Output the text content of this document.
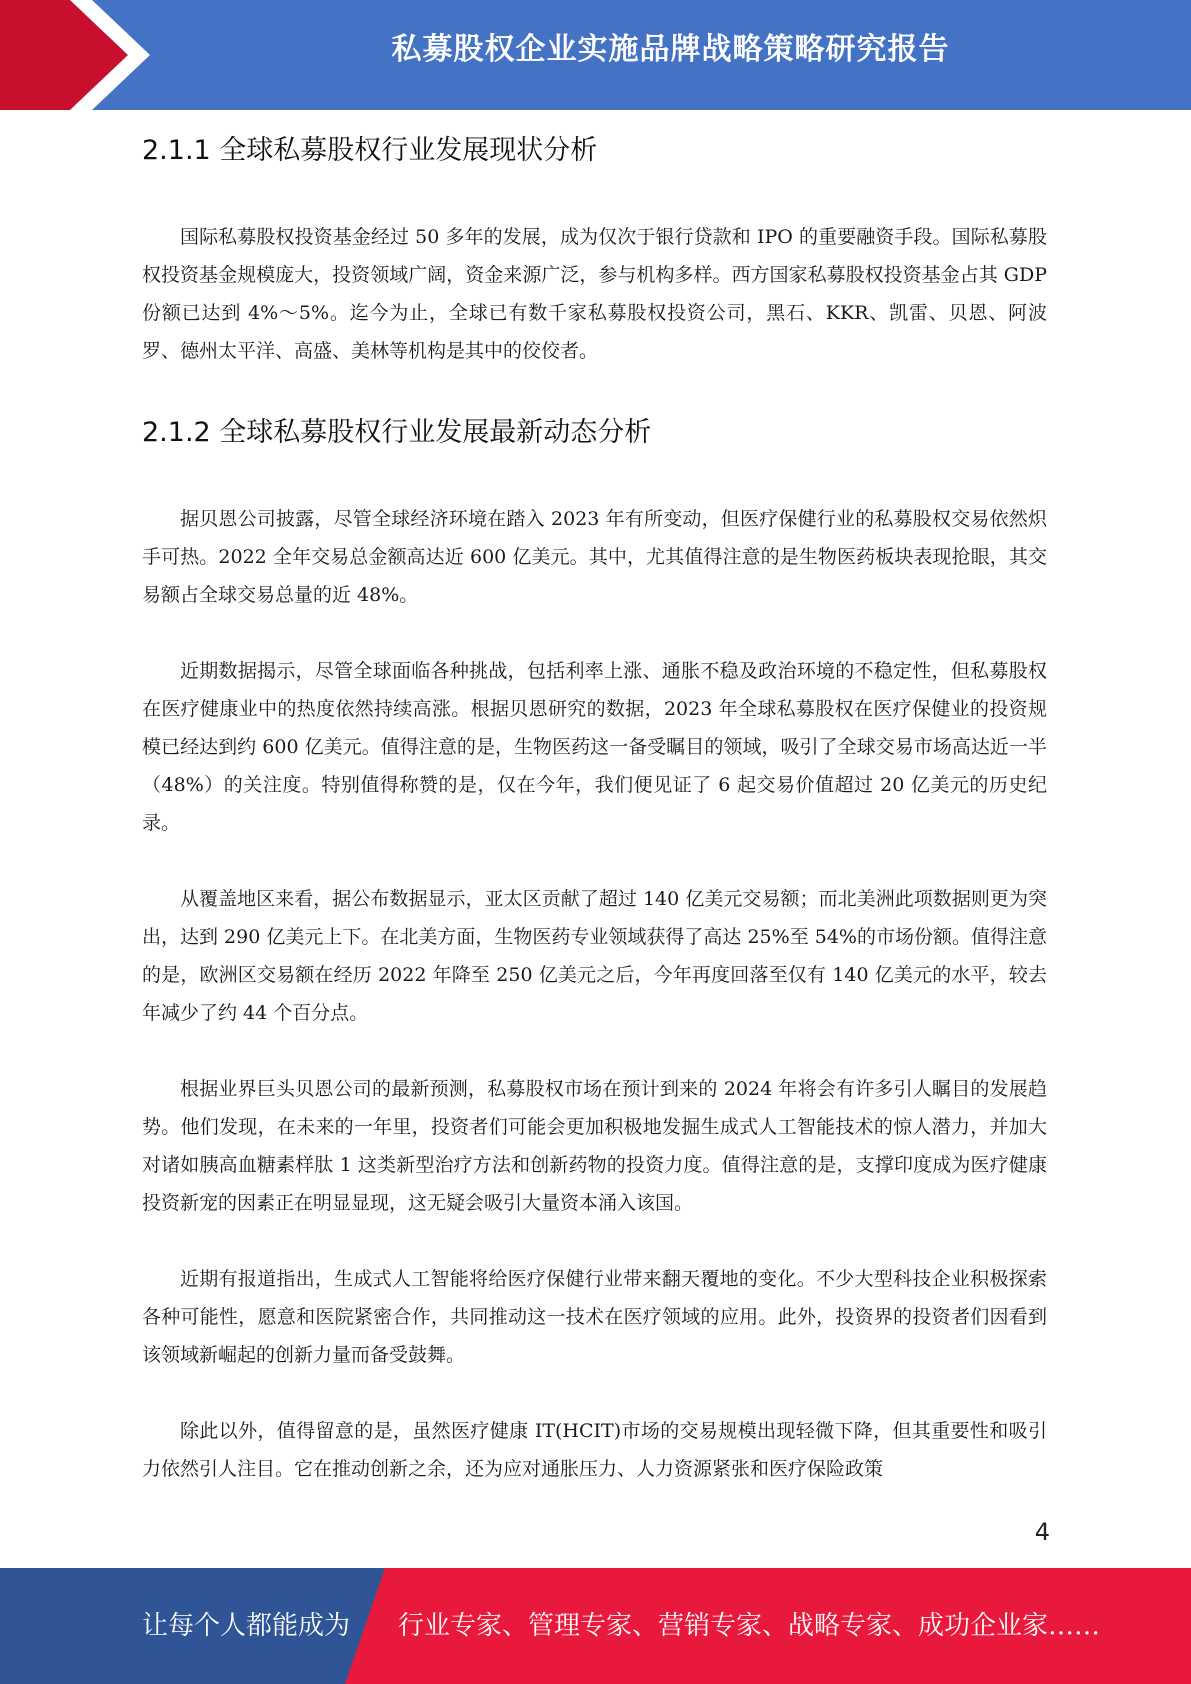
私募股权企业实施品牌战略策略研究报告
2.1.1 全球私募股权行业发展现状分析

国际私募股权投资基金经过 50 多年的发展，成为仅次于银行贷款和 IPO 的重要融资手段。国际私募股权投资基金规模庞大，投资领域广阔，资金来源广泛，参与机构多样。西方国家私募股权投资基金占其 GDP 份额已达到 4%～5%。迄今为止，全球已有数千家私募股权投资公司，黑石、KKR、凯雷、贝恩、阿波罗、德州太平洋、高盛、美林等机构是其中的佼佼者。

2.1.2 全球私募股权行业发展最新动态分析

据贝恩公司披露，尽管全球经济环境在踏入 2023 年有所变动，但医疗保健行业的私募股权交易依然炽手可热。2022 全年交易总金额高达近 600 亿美元。其中，尤其值得注意的是生物医药板块表现抢眼，其交易额占全球交易总量的近 48%。

近期数据揭示，尽管全球面临各种挑战，包括利率上涨、通胀不稳及政治环境的不稳定性，但私募股权在医疗健康业中的热度依然持续高涨。根据贝恩研究的数据，2023 年全球私募股权在医疗保健业的投资规模已经达到约 600 亿美元。值得注意的是，生物医药这一备受瞩目的领域，吸引了全球交易市场高达近一半（48%）的关注度。特别值得称赞的是，仅在今年，我们便见证了 6 起交易价值超过 20 亿美元的历史纪录。

从覆盖地区来看，据公布数据显示，亚太区贡献了超过 140 亿美元交易额；而北美洲此项数据则更为突出，达到 290 亿美元上下。在北美方面，生物医药专业领域获得了高达 25%至 54%的市场份额。值得注意的是，欧洲区交易额在经历 2022 年降至 250 亿美元之后，今年再度回落至仅有 140 亿美元的水平，较去年减少了约 44 个百分点。

根据业界巨头贝恩公司的最新预测，私募股权市场在预计到来的 2024 年将会有许多引人瞩目的发展趋势。他们发现，在未来的一年里，投资者们可能会更加积极地发掘生成式人工智能技术的惊人潜力，并加大对诸如胰高血糖素样肽 1 这类新型治疗方法和创新药物的投资力度。值得注意的是，支撑印度成为医疗健康投资新宠的因素正在明显显现，这无疑会吸引大量资本涌入该国。

近期有报道指出，生成式人工智能将给医疗保健行业带来翻天覆地的变化。不少大型科技企业积极探索各种可能性，愿意和医院紧密合作，共同推动这一技术在医疗领域的应用。此外，投资界的投资者们因看到该领域新崛起的创新力量而备受鼓舞。

除此以外，值得留意的是，虽然医疗健康 IT(HCIT)市场的交易规模出现轻微下降，但其重要性和吸引力依然引人注目。它在推动创新之余，还为应对通胀压力、人力资源紧张和医疗保险政策

4
让每个人都能成为 行业专家、管理专家、营销专家、战略专家、成功企业家……
